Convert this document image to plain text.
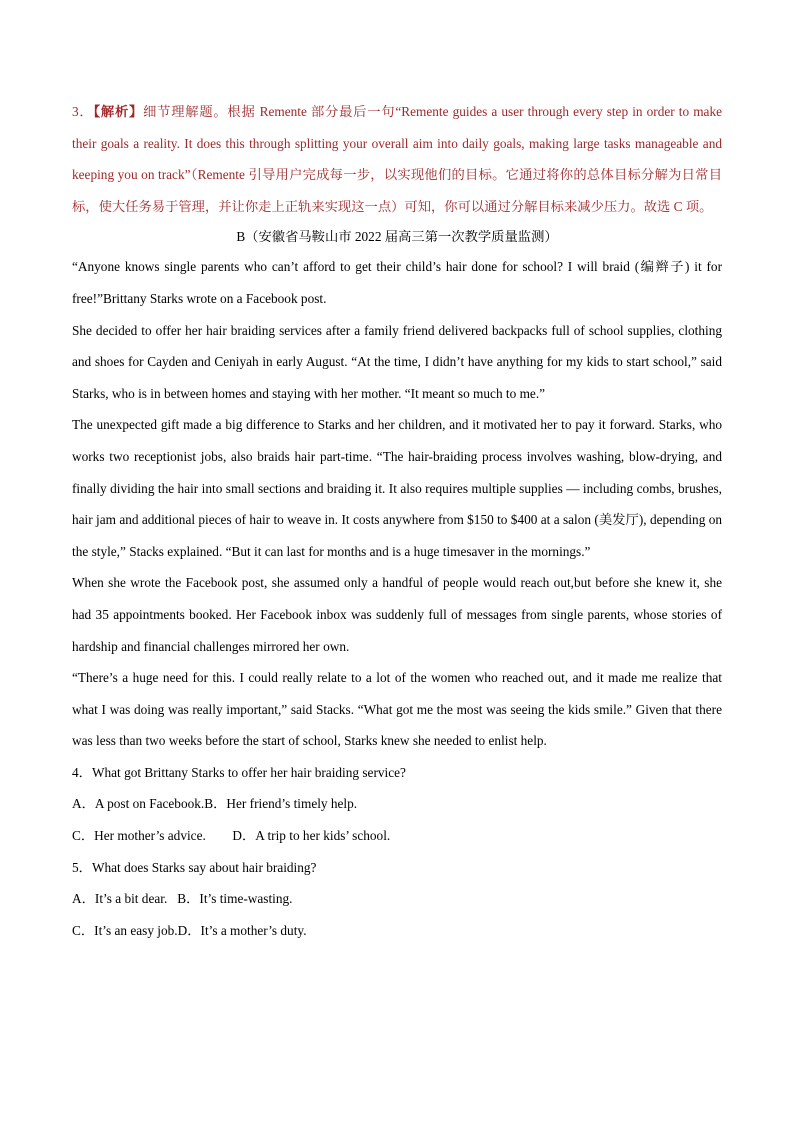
3．【解析】细节理解题。根据 Remente 部分最后一句“Remente guides a user through every step in order to make their goals a reality. It does this through splitting your overall aim into daily goals, making large tasks manageable and keeping you on track”（Remente 引导用户完成每一步，以实现他们的目标。它通过将你的总体目标分解为日常目标，使大任务易于管理，并让你走上正轨来实现这一点）可知，你可以通过分解目标来减少压力。故选 C 项。

B（安徽省马鞍山市 2022 届高三第一次教学质量监测）

“Anyone knows single parents who can’t afford to get their child’s hair done for school? I will braid (编辫子) it for free!”Brittany Starks wrote on a Facebook post.

She decided to offer her hair braiding services after a family friend delivered backpacks full of school supplies, clothing and shoes for Cayden and Ceniyah in early August. “At the time, I didn’t have anything for my kids to start school,” said Starks, who is in between homes and staying with her mother. “It meant so much to me.”

The unexpected gift made a big difference to Starks and her children, and it motivated her to pay it forward. Starks, who works two receptionist jobs, also braids hair part-time. “The hair-braiding process involves washing, blow-drying, and finally dividing the hair into small sections and braiding it. It also requires multiple supplies — including combs, brushes, hair jam and additional pieces of hair to weave in. It costs anywhere from $150 to $400 at a salon (美发厅), depending on the style,” Stacks explained. “But it can last for months and is a huge timesaver in the mornings.”

When she wrote the Facebook post, she assumed only a handful of people would reach out,but before she knew it, she had 35 appointments booked. Her Facebook inbox was suddenly full of messages from single parents, whose stories of hardship and financial challenges mirrored her own.

“There’s a huge need for this. I could really relate to a lot of the women who reached out, and it made me realize that what I was doing was really important,” said Stacks. “What got me the most was seeing the kids smile.” Given that there was less than two weeks before the start of school, Starks knew she needed to enlist help.

4．What got Brittany Starks to offer her hair braiding service?

A．A post on Facebook.B．Her friend’s timely help.

C．Her mother’s advice.        D．A trip to her kids’ school.

5．What does Starks say about hair braiding?

A．It’s a bit dear.   B．It’s time-wasting.

C．It’s an easy job.D．It’s a mother’s duty.
